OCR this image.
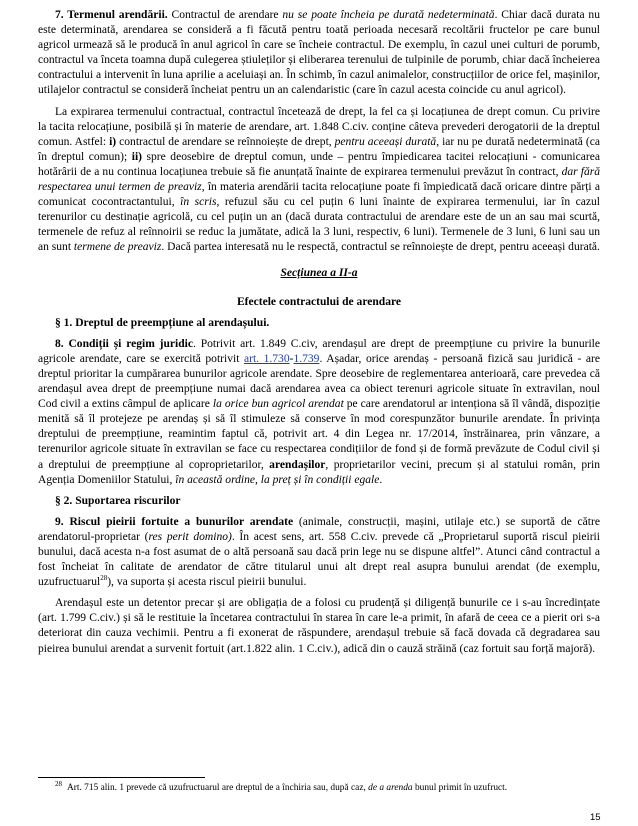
7. Termenul arendării. Contractul de arendare nu se poate încheia pe durată nedeterminată. Chiar dacă durata nu este determinată, arendarea se consideră a fi făcută pentru toată perioada necesară recoltării fructelor pe care bunul agricol urmează să le producă în anul agricol în care se încheie contractul. De exemplu, în cazul unei culturi de porumb, contractul va înceta toamna după culegerea știuleților și eliberarea terenului de tulpinile de porumb, chiar dacă încheierea contractului a intervenit în luna aprilie a aceluiași an. În schimb, în cazul animalelor, construcțiilor de orice fel, mașinilor, utilajelor contractul se consideră încheiat pentru un an calendaristic (care în cazul acesta coincide cu anul agricol).

La expirarea termenului contractual, contractul încetează de drept, la fel ca și locațiunea de drept comun. Cu privire la tacita relocațiune, posibilă și în materie de arendare, art. 1.848 C.civ. conține câteva prevederi derogatorii de la dreptul comun. Astfel: i) contractul de arendare se reînnoiește de drept, pentru aceeași durată, iar nu pe durată nedeterminată (ca în dreptul comun); ii) spre deosebire de dreptul comun, unde – pentru împiedicarea tacitei relocațiuni - comunicarea hotărârii de a nu continua locațiunea trebuie să fie anunțată înainte de expirarea termenului prevăzut în contract, dar fără respectarea unui termen de preaviz, în materia arendării tacita relocațiune poate fi împiedicată dacă oricare dintre părți a comunicat cocontractantului, în scris, refuzul său cu cel puțin 6 luni înainte de expirarea termenului, iar în cazul terenurilor cu destinație agricolă, cu cel puțin un an (dacă durata contractului de arendare este de un an sau mai scurtă, termenele de refuz al reînnoirii se reduc la jumătate, adică la 3 luni, respectiv, 6 luni). Termenele de 3 luni, 6 luni sau un an sunt termene de preaviz. Dacă partea interesată nu le respectă, contractul se reînnoiește de drept, pentru aceeași durată.

Secțiunea a II-a
Efectele contractului de arendare

§ 1. Dreptul de preempțiune al arendașului.

8. Condiții și regim juridic. Potrivit art. 1.849 C.civ, arendașul are drept de preempțiune cu privire la bunurile agricole arendate, care se exercită potrivit art. 1.730-1.739. Așadar, orice arendaș - persoană fizică sau juridică - are dreptul prioritar la cumpărarea bunurilor agricole arendate. Spre deosebire de reglementarea anterioară, care prevedea că arendașul avea drept de preempțiune numai dacă arendarea avea ca obiect terenuri agricole situate în extravilan, noul Cod civil a extins câmpul de aplicare la orice bun agricol arendat pe care arendatorul ar intenționa să îl vândă, dispoziție menită să îl protejeze pe arendaș și să îl stimuleze să conserve în mod corespunzător bunurile arendate. În privința dreptului de preempțiune, reamintim faptul că, potrivit art. 4 din Legea nr. 17/2014, înstrăinarea, prin vânzare, a terenurilor agricole situate în extravilan se face cu respectarea condițiilor de fond și de formă prevăzute de Codul civil și a dreptului de preempțiune al coproprietarilor, arendașilor, proprietarilor vecini, precum și al statului român, prin Agenția Domeniilor Statului, în această ordine, la preț și în condiții egale.

§ 2. Suportarea riscurilor

9. Riscul pieirii fortuite a bunurilor arendate (animale, construcții, mașini, utilaje etc.) se suportă de către arendatorul-proprietar (res perit domino). În acest sens, art. 558 C.civ. prevede că „Proprietarul suportă riscul pieirii bunului, dacă acesta n-a fost asumat de o altă persoană sau dacă prin lege nu se dispune altfel”. Atunci când contractul a fost încheiat în calitate de arendator de către titularul unui alt drept real asupra bunului arendat (de exemplu, uzufructuarul$^{28}$), va suporta și acesta riscul pieirii bunului.

Arendașul este un detentor precar și are obligația de a folosi cu prudență și diligență bunurile ce i s-au încredințate (art. 1.799 C.civ.) și să le restituie la încetarea contractului în starea în care le-a primit, în afară de ceea ce a pierit ori s-a deteriorat din cauza vechimii. Pentru a fi exonerat de răspundere, arendașul trebuie să facă dovada că degradarea sau pieirea bunului arendat a survenit fortuit (art.1.822 alin. 1 C.civ.), adică din o cauză străină (caz fortuit sau forță majoră).

$^{28}$ Art. 715 alin. 1 prevede că uzufructuarul are dreptul de a închiria sau, după caz, de a arenda bunul primit în uzufruct.
15
